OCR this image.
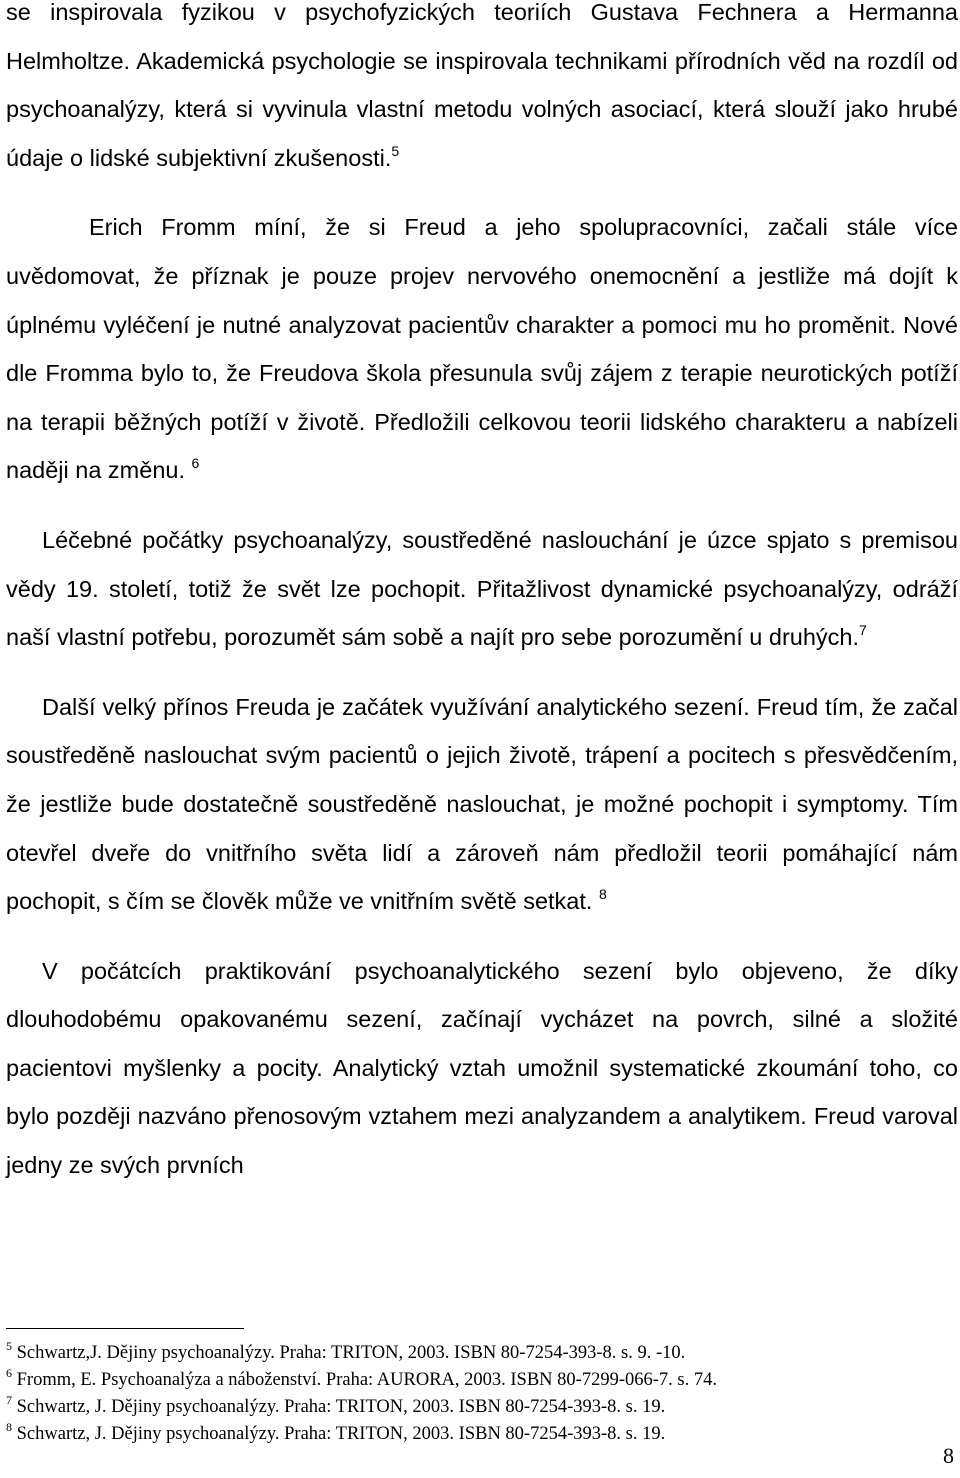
se inspirovala fyzikou v psychofyzických teoriích Gustava Fechnera a Hermanna Helmholtze. Akademická psychologie se inspirovala technikami přírodních věd na rozdíl od psychoanalýzy, která si vyvinula vlastní metodu volných asociací, která slouží jako hrubé údaje o lidské subjektivní zkušenosti.$^5$

Erich Fromm míní, že si Freud a jeho spolupracovníci, začali stále více uvědomovat, že příznak je pouze projev nervového onemocnění a jestliže má dojít k úplnému vyléčení je nutné analyzovat pacientův charakter a pomoci mu ho proměnit. Nové dle Fromma bylo to, že Freudova škola přesunula svůj zájem z terapie neurotických potíží na terapii běžných potíží v životě. Předložili celkovou teorii lidského charakteru a nabízeli naději na změnu. $^6$

Léčebné počátky psychoanalýzy, soustředěné naslouchání je úzce spjato s premisou vědy 19. století, totiž že svět lze pochopit. Přitažlivost dynamické psychoanalýzy, odráží naší vlastní potřebu, porozumět sám sobě a najít pro sebe porozumění u druhých.$^7$

Další velký přínos Freuda je začátek využívání analytického sezení. Freud tím, že začal soustředěně naslouchat svým pacientů o jejich životě, trápení a pocitech s přesvědčením, že jestliže bude dostatečně soustředěně naslouchat, je možné pochopit i symptomy. Tím otevřel dveře do vnitřního světa lidí a zároveň nám předložil teorii pomáhající nám pochopit, s čím se člověk může ve vnitřním světě setkat. $^8$

V počátcích praktikování psychoanalytického sezení bylo objeveno, že díky dlouhodobému opakovanému sezení, začínají vycházet na povrch, silné a složité pacientovi myšlenky a pocity. Analytický vztah umožnil systematické zkoumání toho, co bylo později nazváno přenosovým vztahem mezi analyzandem a analytikem. Freud varoval jedny ze svých prvních

$^5$ Schwartz,J. Dějiny psychoanalýzy. Praha: TRITON, 2003. ISBN 80-7254-393-8. s. 9. -10.

$^6$ Fromm, E. Psychoanalýza a náboženství. Praha: AURORA, 2003. ISBN 80-7299-066-7. s. 74.

$^7$ Schwartz, J. Dějiny psychoanalýzy. Praha: TRITON, 2003. ISBN 80-7254-393-8. s. 19.

$^8$ Schwartz, J. Dějiny psychoanalýzy. Praha: TRITON, 2003. ISBN 80-7254-393-8. s. 19.

8
